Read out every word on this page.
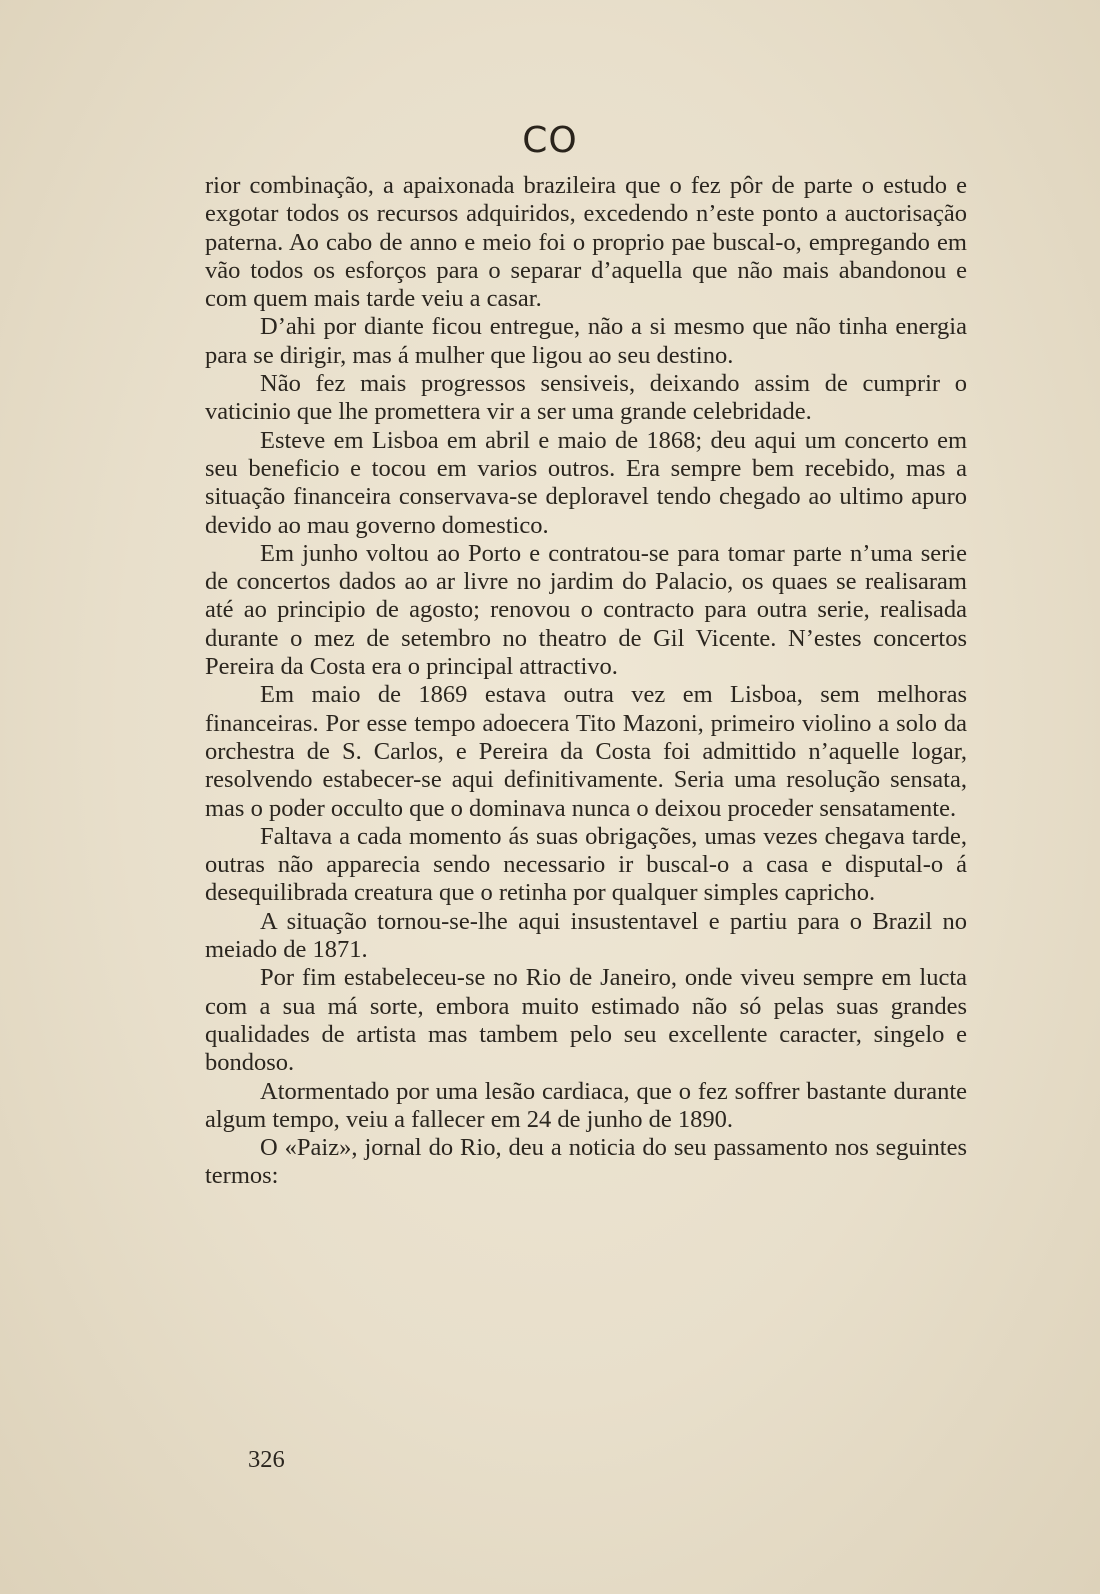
CO

rior combinação, a apaixonada brazileira que o fez pôr de parte o estudo e exgotar todos os recursos adquiridos, excedendo n’este ponto a auctorisação paterna. Ao cabo de anno e meio foi o proprio pae buscal-o, empregando em vão todos os esforços para o separar d’aquella que não mais abandonou e com quem mais tarde veiu a casar.

D’ahi por diante ficou entregue, não a si mesmo que não tinha energia para se dirigir, mas á mulher que ligou ao seu destino.

Não fez mais progressos sensiveis, deixando assim de cumprir o vaticinio que lhe promettera vir a ser uma grande celebridade.

Esteve em Lisboa em abril e maio de 1868; deu aqui um concerto em seu beneficio e tocou em varios outros. Era sempre bem recebido, mas a situação financeira conservava-se deploravel tendo chegado ao ultimo apuro devido ao mau governo domestico.

Em junho voltou ao Porto e contratou-se para tomar parte n’uma serie de concertos dados ao ar livre no jardim do Palacio, os quaes se realisaram até ao principio de agosto; renovou o contracto para outra serie, realisada durante o mez de setembro no theatro de Gil Vicente. N’estes concertos Pereira da Costa era o principal attractivo.

Em maio de 1869 estava outra vez em Lisboa, sem melhoras financeiras. Por esse tempo adoecera Tito Mazoni, primeiro violino a solo da orchestra de S. Carlos, e Pereira da Costa foi admittido n’aquelle logar, resolvendo estabecer-se aqui definitivamente. Seria uma resolução sensata, mas o poder occulto que o dominava nunca o deixou proceder sensatamente.

Faltava a cada momento ás suas obrigações, umas vezes chegava tarde, outras não apparecia sendo necessario ir buscal-o a casa e disputal-o á desequilibrada creatura que o retinha por qualquer simples capricho.

A situação tornou-se-lhe aqui insustentavel e partiu para o Brazil no meiado de 1871.

Por fim estabeleceu-se no Rio de Janeiro, onde viveu sempre em lucta com a sua má sorte, embora muito estimado não só pelas suas grandes qualidades de artista mas tambem pelo seu excellente caracter, singelo e bondoso.

Atormentado por uma lesão cardiaca, que o fez soffrer bastante durante algum tempo, veiu a fallecer em 24 de junho de 1890.

O «Paiz», jornal do Rio, deu a noticia do seu passamento nos seguintes termos:

326
